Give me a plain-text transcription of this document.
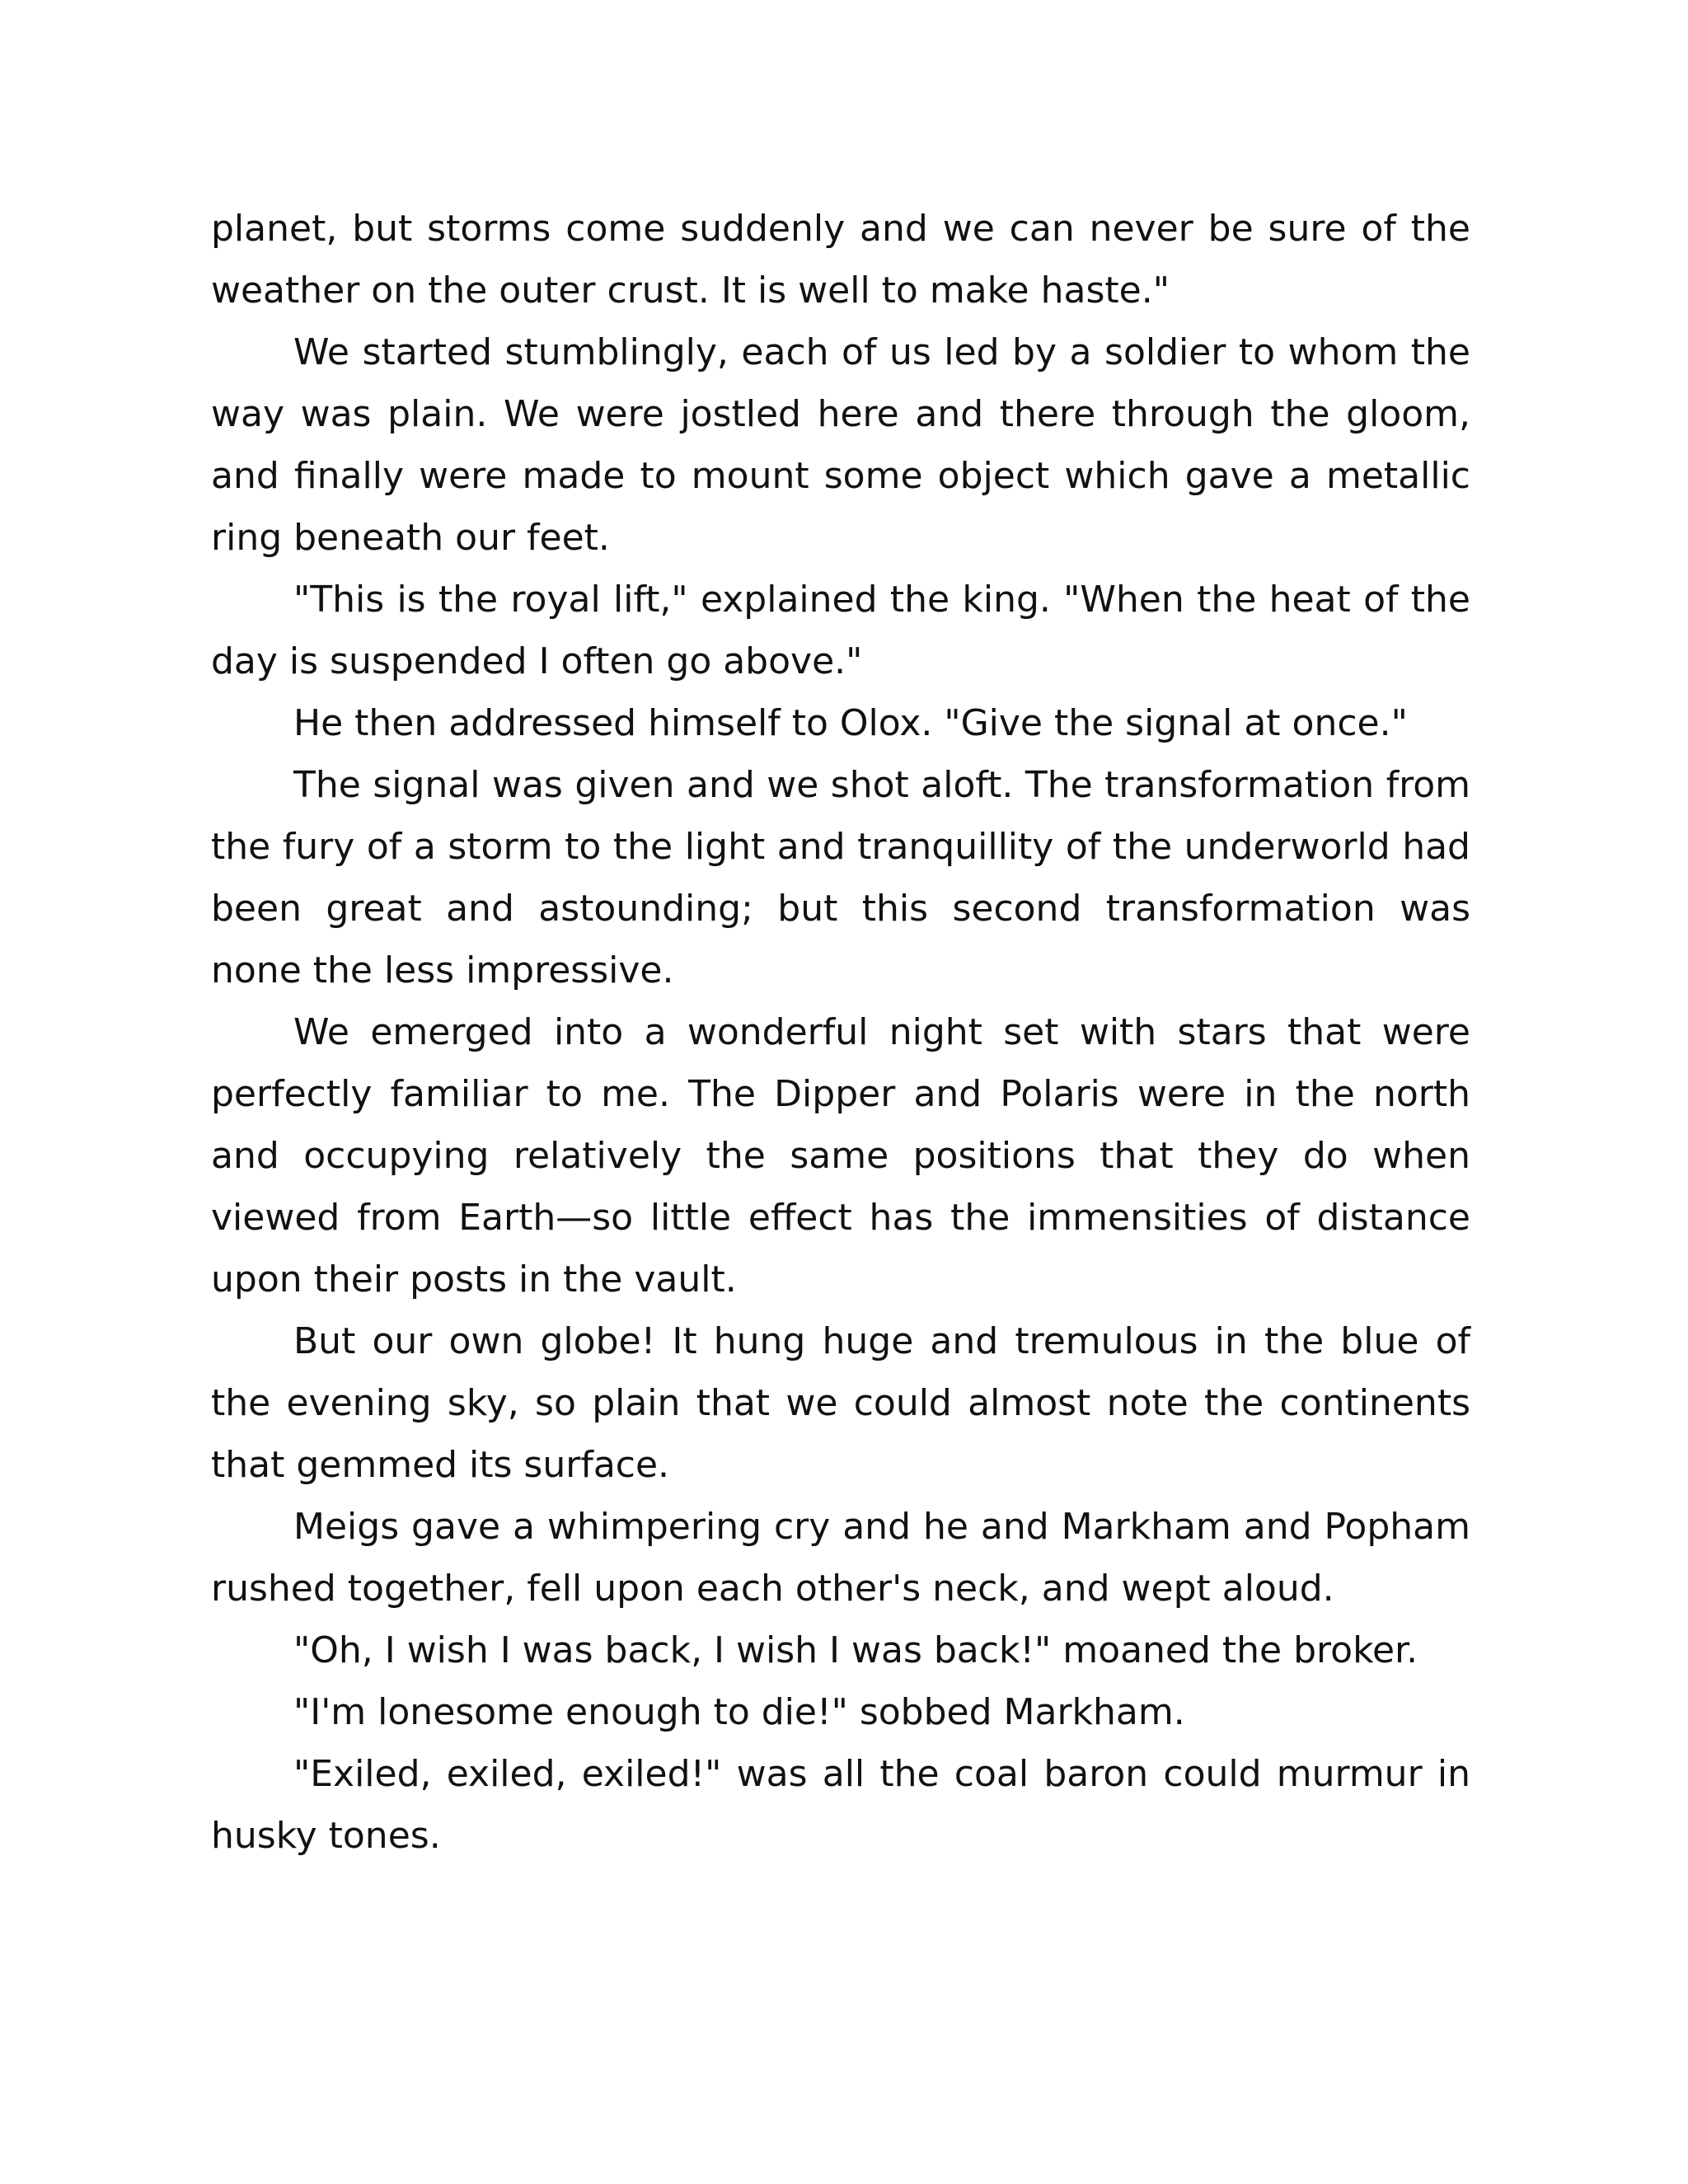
planet, but storms come suddenly and we can never be sure of the weather on the outer crust. It is well to make haste."

We started stumblingly, each of us led by a soldier to whom the way was plain. We were jostled here and there through the gloom, and finally were made to mount some object which gave a metallic ring beneath our feet.

"This is the royal lift," explained the king. "When the heat of the day is suspended I often go above."

He then addressed himself to Olox. "Give the signal at once."

The signal was given and we shot aloft. The transformation from the fury of a storm to the light and tranquillity of the underworld had been great and astounding; but this second transformation was none the less impressive.

We emerged into a wonderful night set with stars that were perfectly familiar to me. The Dipper and Polaris were in the north and occupying relatively the same positions that they do when viewed from Earth—so little effect has the immensities of distance upon their posts in the vault.

But our own globe! It hung huge and tremulous in the blue of the evening sky, so plain that we could almost note the continents that gemmed its surface.

Meigs gave a whimpering cry and he and Markham and Popham rushed together, fell upon each other's neck, and wept aloud.

"Oh, I wish I was back, I wish I was back!" moaned the broker.

"I'm lonesome enough to die!" sobbed Markham.

"Exiled, exiled, exiled!" was all the coal baron could murmur in husky tones.
